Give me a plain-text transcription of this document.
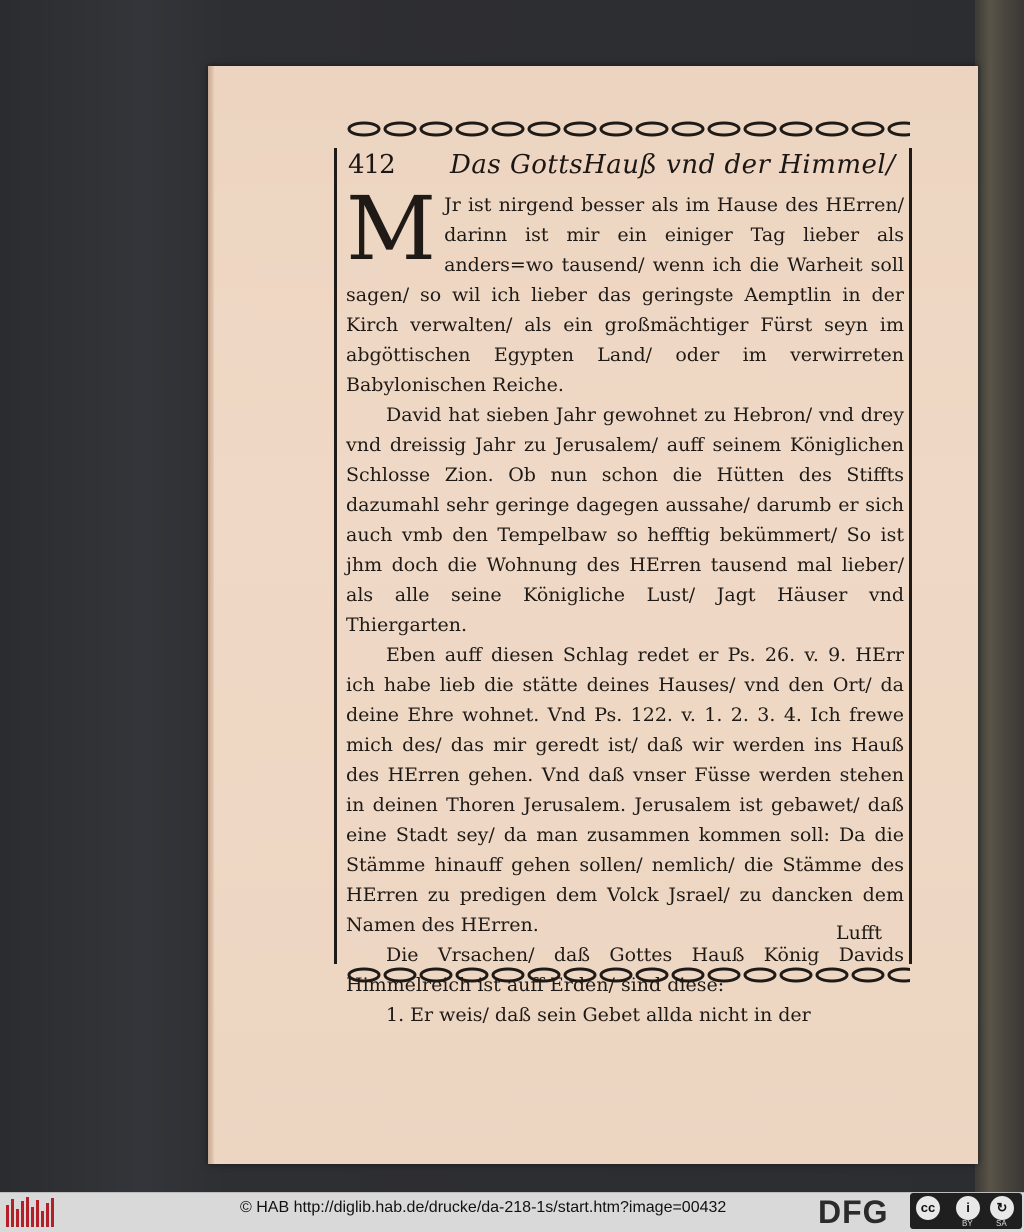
412 Das GottsHauß vnd der Himmel/

M Jr ist nirgend besser als im Hause des HErren/ darinn ist mir ein einiger Tag lieber als anders=wo tausend/ wenn ich die Warheit soll sagen/ so wil ich lieber das geringste Aemptlin in der Kirch verwalten/ als ein großmächtiger Fürst seyn im abgöttischen Egypten Land/ oder im verwirreten Babylonischen Reiche.

David hat sieben Jahr gewohnet zu Hebron/ vnd drey vnd dreissig Jahr zu Jerusalem/ auff seinem Königlichen Schlosse Zion. Ob nun schon die Hütten des Stiffts dazumahl sehr geringe dagegen aussahe/ darumb er sich auch vmb den Tempelbaw so hefftig bekümmert/ So ist jhm doch die Wohnung des HErren tausend mal lieber/ als alle seine Königliche Lust/ Jagt Häuser vnd Thiergarten.

Eben auff diesen Schlag redet er Ps. 26. v. 9. HErr ich habe lieb die stätte deines Hauses/ vnd den Ort/ da deine Ehre wohnet. Vnd Ps. 122. v. 1. 2. 3. 4. Ich frewe mich des/ das mir geredt ist/ daß wir werden ins Hauß des HErren gehen. Vnd daß vnser Füsse werden stehen in deinen Thoren Jerusalem. Jerusalem ist gebawet/ daß eine Stadt sey/ da man zusammen kommen soll: Da die Stämme hinauff gehen sollen/ nemlich/ die Stämme des HErren zu predigen dem Volck Jsrael/ zu dancken dem Namen des HErren.

Die Vrsachen/ daß Gottes Hauß König Davids Himmelreich ist auff Erden/ sind diese:

1. Er weis/ daß sein Gebet allda nicht in der

Lufft
© HAB http://diglib.hab.de/drucke/da-218-1s/start.htm?image=00432	DFG	cc	i	↻
BY	SA
